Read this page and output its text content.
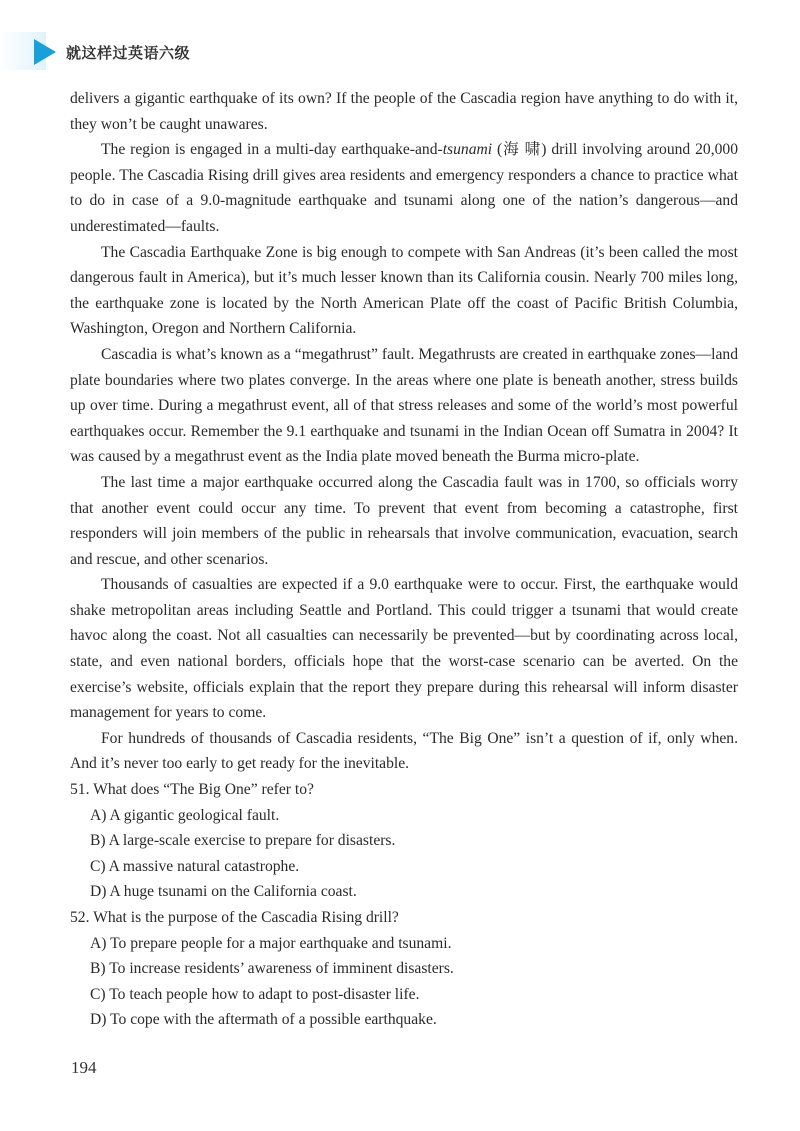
就这样过英语六级

delivers a gigantic earthquake of its own? If the people of the Cascadia region have anything to do with it, they won’t be caught unawares.

The region is engaged in a multi-day earthquake-and-tsunami (海 啸) drill involving around 20,000 people. The Cascadia Rising drill gives area residents and emergency responders a chance to practice what to do in case of a 9.0-magnitude earthquake and tsunami along one of the nation’s dangerous—and underestimated—faults.

The Cascadia Earthquake Zone is big enough to compete with San Andreas (it’s been called the most dangerous fault in America), but it’s much lesser known than its California cousin. Nearly 700 miles long, the earthquake zone is located by the North American Plate off the coast of Pacific British Columbia, Washington, Oregon and Northern California.

Cascadia is what’s known as a “megathrust” fault. Megathrusts are created in earthquake zones—land plate boundaries where two plates converge. In the areas where one plate is beneath another, stress builds up over time. During a megathrust event, all of that stress releases and some of the world’s most powerful earthquakes occur. Remember the 9.1 earthquake and tsunami in the Indian Ocean off Sumatra in 2004? It was caused by a megathrust event as the India plate moved beneath the Burma micro-plate.

The last time a major earthquake occurred along the Cascadia fault was in 1700, so officials worry that another event could occur any time. To prevent that event from becoming a catastrophe, first responders will join members of the public in rehearsals that involve communication, evacuation, search and rescue, and other scenarios.

Thousands of casualties are expected if a 9.0 earthquake were to occur. First, the earthquake would shake metropolitan areas including Seattle and Portland. This could trigger a tsunami that would create havoc along the coast. Not all casualties can necessarily be prevented—but by coordinating across local, state, and even national borders, officials hope that the worst-case scenario can be averted. On the exercise’s website, officials explain that the report they prepare during this rehearsal will inform disaster management for years to come.

For hundreds of thousands of Cascadia residents, “The Big One” isn’t a question of if, only when. And it’s never too early to get ready for the inevitable.

51. What does “The Big One” refer to?

A) A gigantic geological fault.

B) A large-scale exercise to prepare for disasters.

C) A massive natural catastrophe.

D) A huge tsunami on the California coast.

52. What is the purpose of the Cascadia Rising drill?

A) To prepare people for a major earthquake and tsunami.

B) To increase residents’ awareness of imminent disasters.

C) To teach people how to adapt to post-disaster life.

D) To cope with the aftermath of a possible earthquake.

194
